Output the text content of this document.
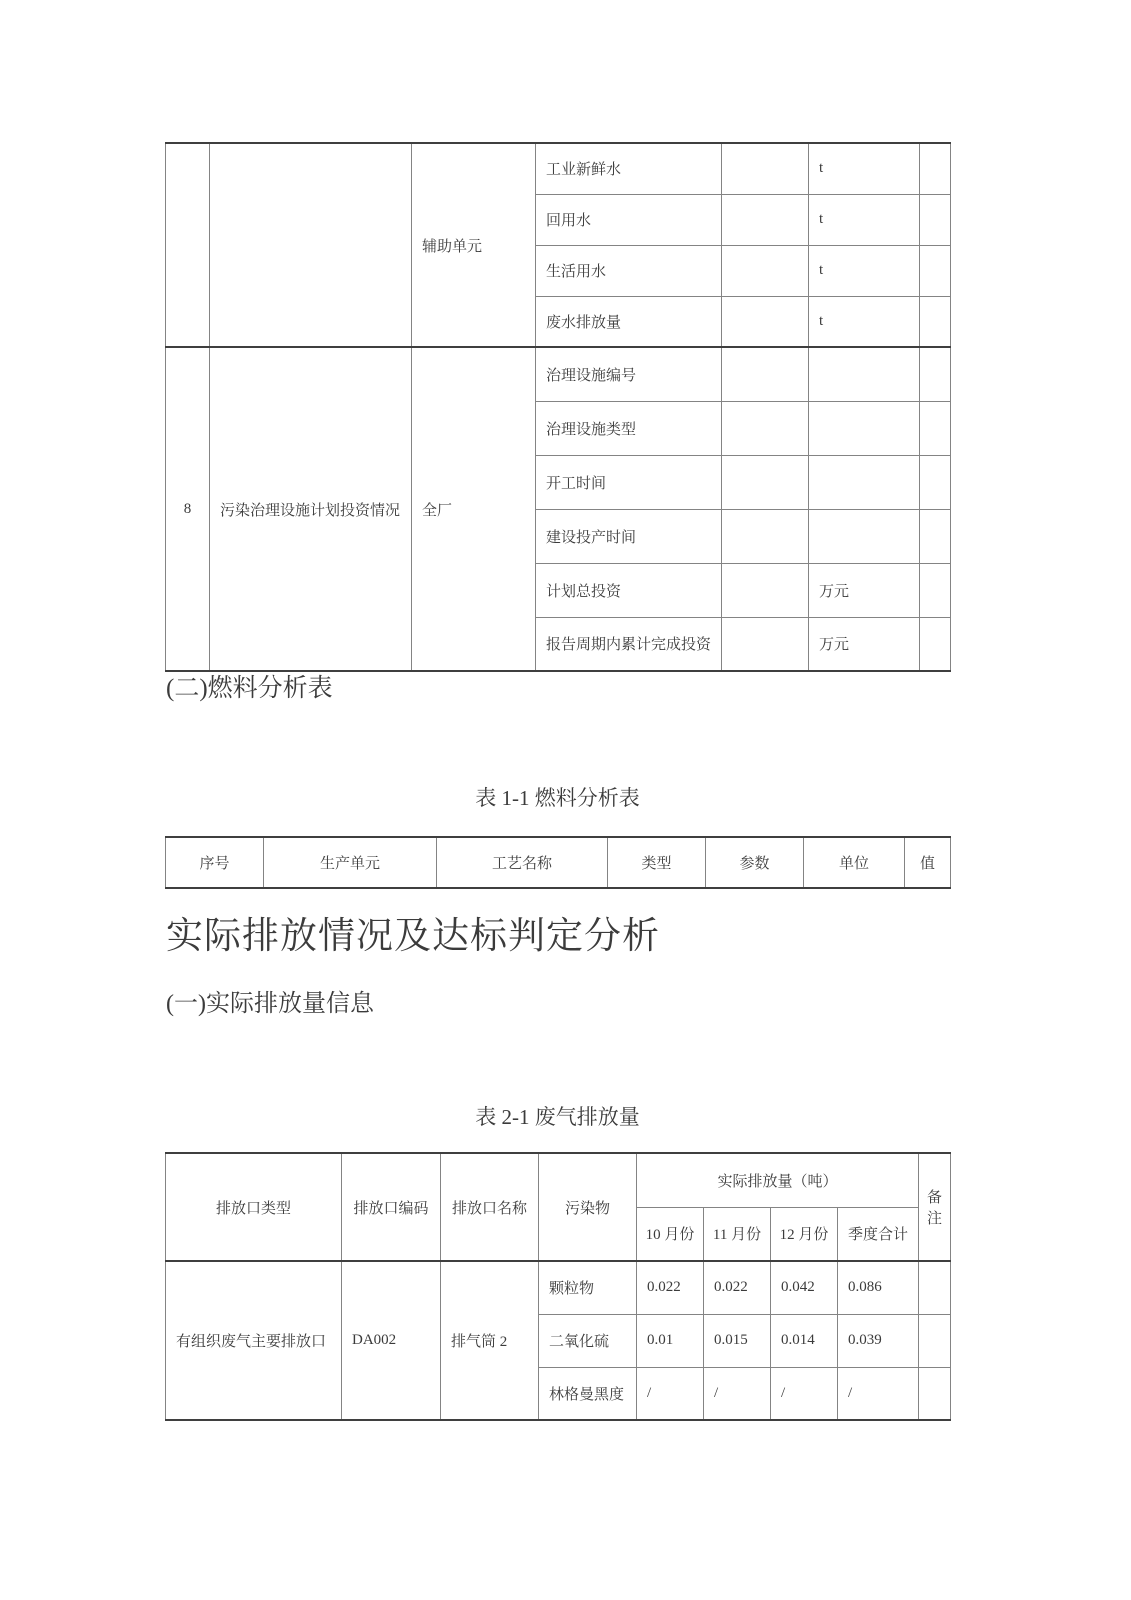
		辅助单元	工业新鲜水		t	
			回用水		t	
			生活用水		t	
			废水排放量		t	
8	污染治理设施计划投资情况	全厂	治理设施编号			
			治理设施类型			
			开工时间			
			建设投产时间			
			计划总投资		万元	
			报告周期内累计完成投资		万元	
(二)燃料分析表
表 1-1 燃料分析表
序号	生产单元	工艺名称	类型	参数	单位	值
实际排放情况及达标判定分析
(一)实际排放量信息
表 2-1 废气排放量
排放口类型	排放口编码	排放口名称	污染物	实际排放量（吨）				备注
				10 月份	11 月份	12 月份	季度合计	
有组织废气主要排放口	DA002	排气筒 2	颗粒物	0.022	0.022	0.042	0.086	
			二氧化硫	0.01	0.015	0.014	0.039	
			林格曼黑度	/	/	/	/	
